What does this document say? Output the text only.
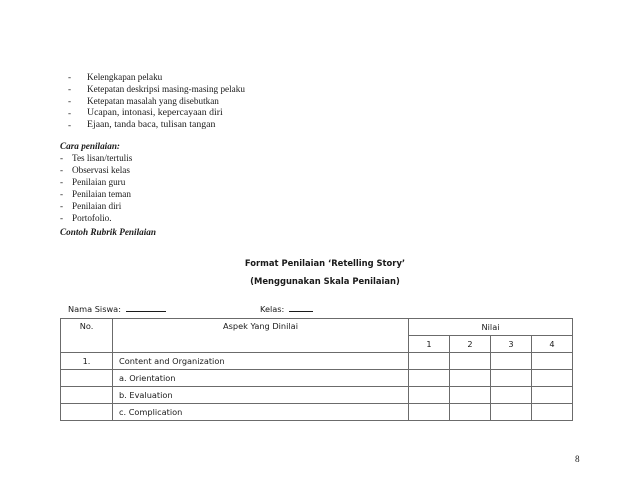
- Kelengkapan pelaku
- Ketepatan deskripsi masing-masing pelaku
- Ketepatan masalah yang disebutkan
- Ucapan, intonasi, kepercayaan diri
- Ejaan, tanda baca, tulisan tangan
Cara penilaian:
- Tes lisan/tertulis
- Observasi kelas
- Penilaian guru
- Penilaian teman
- Penilaian diri
- Portofolio.
Contoh Rubrik Penilaian
Format Penilaian ‘Retelling Story’
(Menggunakan Skala Penilaian)
Nama Siswa:	Kelas:
No.	Aspek Yang Dinilai	Nilai			
		1	2	3	4
1.	Content and Organization				
	a. Orientation				
	b. Evaluation				
	c. Complication				
8
